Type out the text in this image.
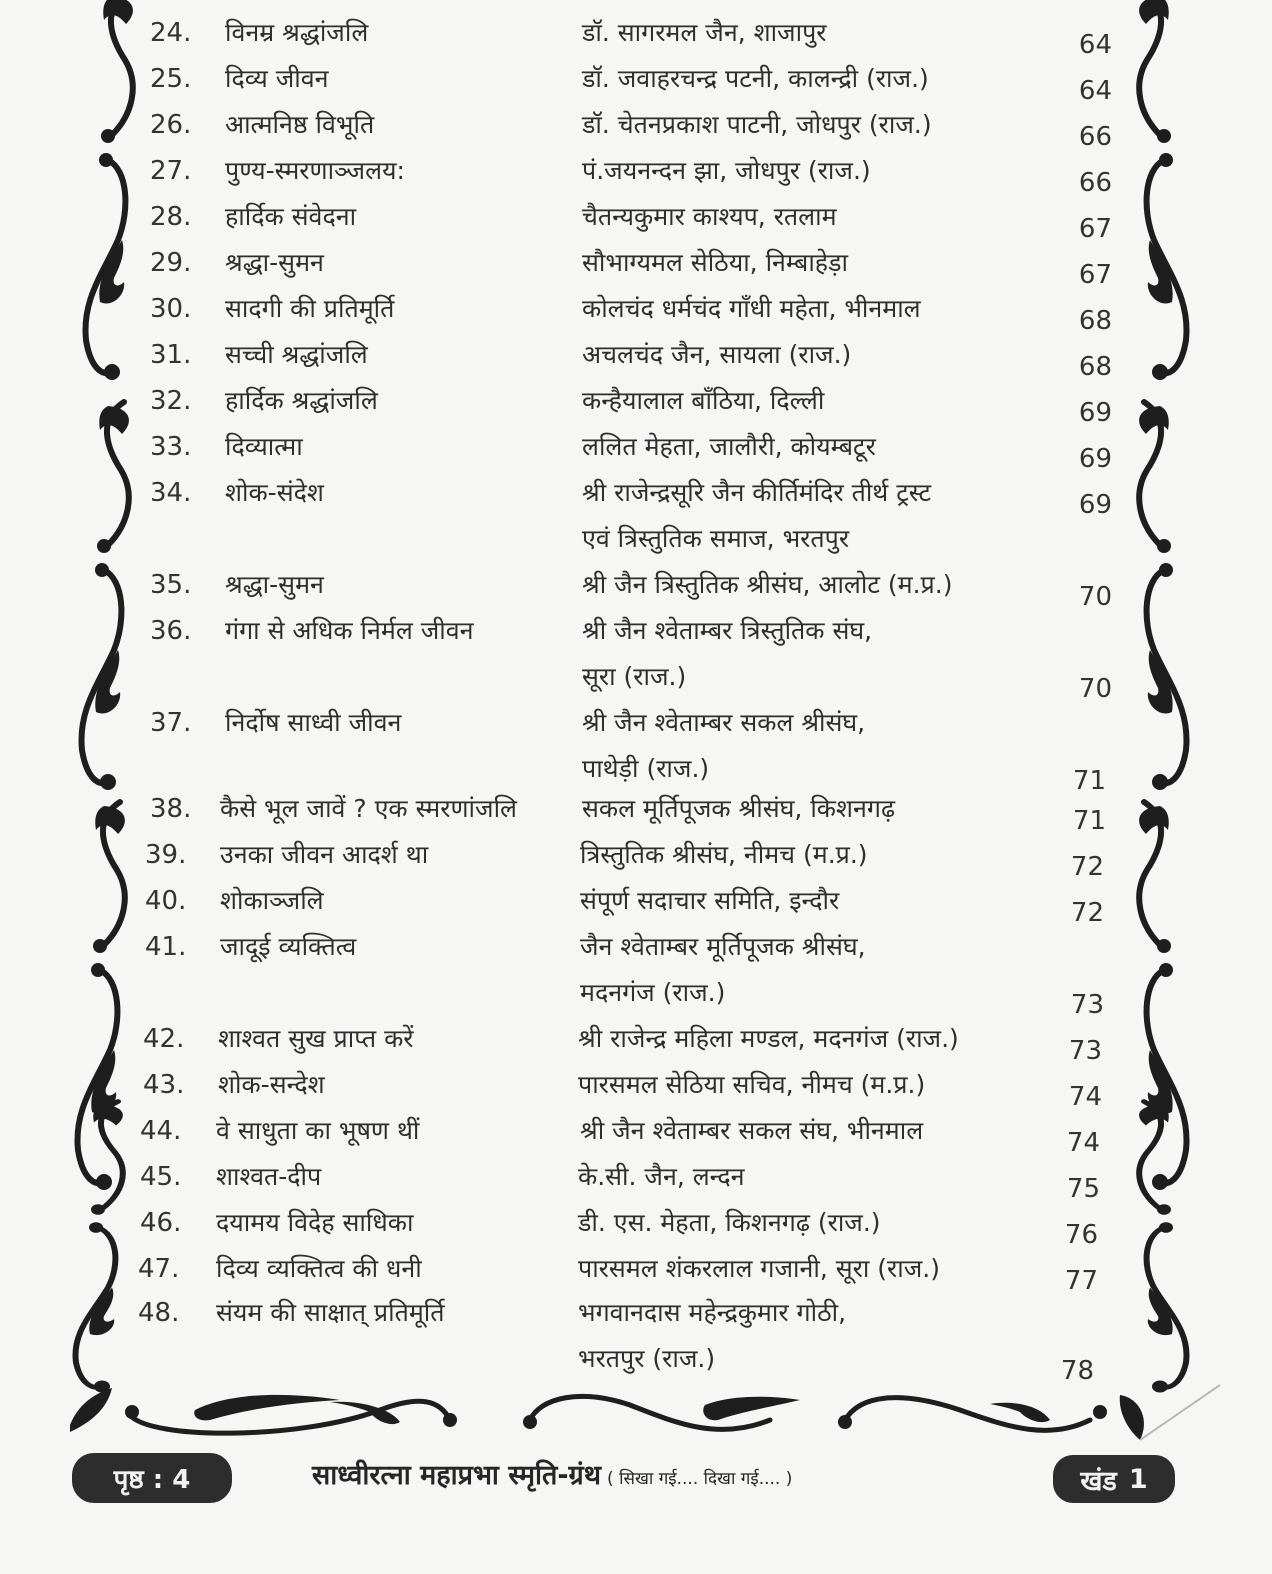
24.	विनम्र श्रद्धांजलि	डॉ. सागरमल जैन, शाजापुर	64
25.	दिव्य जीवन	डॉ. जवाहरचन्द्र पटनी, कालन्द्री (राज.)	64
26.	आत्मनिष्ठ विभूति	डॉ. चेतनप्रकाश पाटनी, जोधपुर (राज.)	66
27.	पुण्य-स्मरणाञ्जलय:	पं.जयनन्दन झा, जोधपुर (राज.)	66
28.	हार्दिक संवेदना	चैतन्यकुमार काश्यप, रतलाम	67
29.	श्रद्धा-सुमन	सौभाग्यमल सेठिया, निम्बाहेड़ा	67
30.	सादगी की प्रतिमूर्ति	कोलचंद धर्मचंद गाँधी महेता, भीनमाल	68
31.	सच्ची श्रद्धांजलि	अचलचंद जैन, सायला (राज.)	68
32.	हार्दिक श्रद्धांजलि	कन्हैयालाल बाँठिया, दिल्ली	69
33.	दिव्यात्मा	ललित मेहता, जालौरी, कोयम्बटूर	69
34.	शोक-संदेश	श्री राजेन्द्रसूरि जैन कीर्तिमंदिर तीर्थ ट्रस्ट
एवं त्रिस्तुतिक समाज, भरतपुर
69
35.	श्रद्धा-सुमन	श्री जैन त्रिस्तुतिक श्रीसंघ, आलोट (म.प्र.)	70
36.	गंगा से अधिक निर्मल जीवन	श्री जैन श्वेताम्बर त्रिस्तुतिक संघ,
सूरा (राज.)	70
37.	निर्दोष साध्वी जीवन	श्री जैन श्वेताम्बर सकल श्रीसंघ,
पाथेड़ी (राज.)	71
38.	कैसे भूल जावें ? एक स्मरणांजलि	सकल मूर्तिपूजक श्रीसंघ, किशनगढ़	71
39.	उनका जीवन आदर्श था	त्रिस्तुतिक श्रीसंघ, नीमच (म.प्र.)	72
40.	शोकाञ्जलि	संपूर्ण सदाचार समिति, इन्दौर	72
41.	जादूई व्यक्तित्व	जैन श्वेताम्बर मूर्तिपूजक श्रीसंघ,
मदनगंज (राज.)	73
42.	शाश्वत सुख प्राप्त करें	श्री राजेन्द्र महिला मण्डल, मदनगंज (राज.)	73
43.	शोक-सन्देश	पारसमल सेठिया सचिव, नीमच (म.प्र.)	74
44.	वे साधुता का भूषण थीं	श्री जैन श्वेताम्बर सकल संघ, भीनमाल	74
45.	शाश्वत-दीप	के.सी. जैन, लन्दन	75
46.	दयामय विदेह साधिका	डी. एस. मेहता, किशनगढ़ (राज.)	76
47.	दिव्य व्यक्तित्व की धनी	पारसमल शंकरलाल गजानी, सूरा (राज.)	77
48.	संयम की साक्षात् प्रतिमूर्ति	भगवानदास महेन्द्रकुमार गोठी,
भरतपुर (राज.)	78
पृष्ठ : 4	साध्वीरत्ना महाप्रभा स्मृति-ग्रंथ ( सिखा गई.... दिखा गई.... )	खंड 1
